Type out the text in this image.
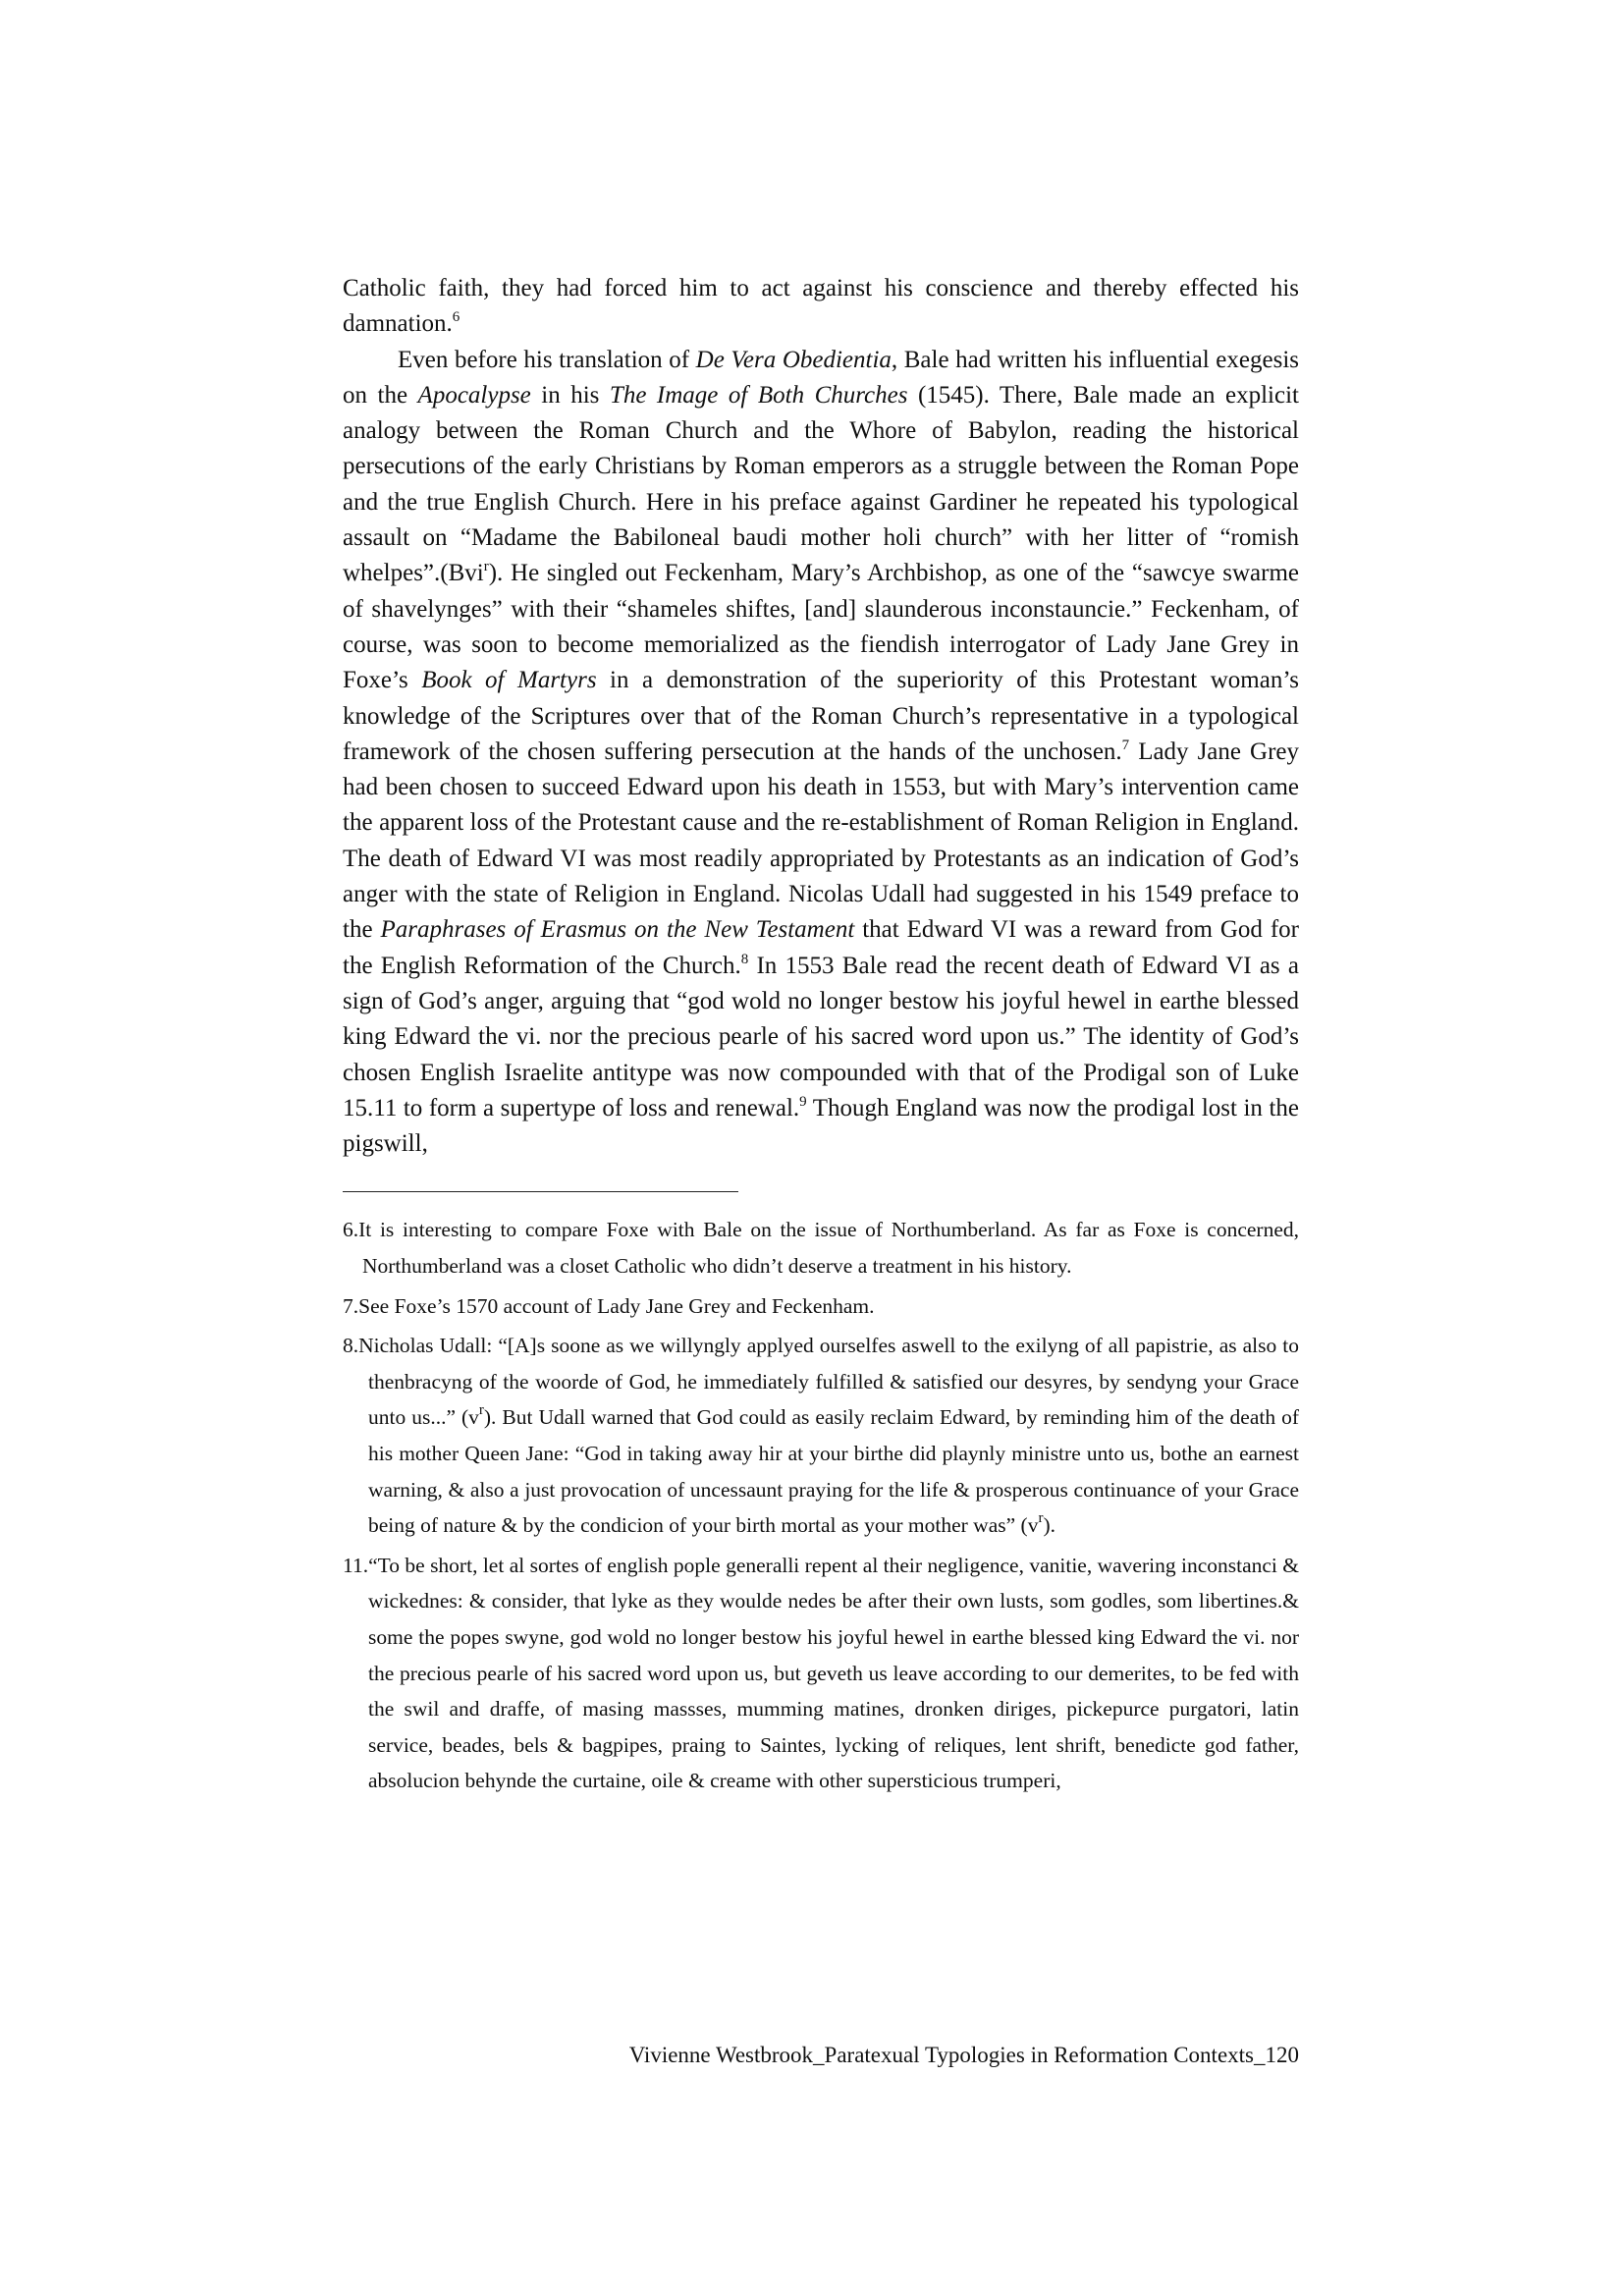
Catholic faith, they had forced him to act against his conscience and thereby effected his damnation.$^6$

Even before his translation of De Vera Obedientia, Bale had written his influential exegesis on the Apocalypse in his The Image of Both Churches (1545). There, Bale made an explicit analogy between the Roman Church and the Whore of Babylon, reading the historical persecutions of the early Christians by Roman emperors as a struggle between the Roman Pope and the true English Church. Here in his preface against Gardiner he repeated his typological assault on “Madame the Babiloneal baudi mother holi church” with her litter of “romish whelpes”.(Bvi$^r$). He singled out Feckenham, Mary’s Archbishop, as one of the “sawcye swarme of shavelynges” with their “shameles shiftes, [and] slaunderous inconstauncie.” Feckenham, of course, was soon to become memorialized as the fiendish interrogator of Lady Jane Grey in Foxe’s Book of Martyrs in a demonstration of the superiority of this Protestant woman’s knowledge of the Scriptures over that of the Roman Church’s representative in a typological framework of the chosen suffering persecution at the hands of the unchosen.$^7$ Lady Jane Grey had been chosen to succeed Edward upon his death in 1553, but with Mary’s intervention came the apparent loss of the Protestant cause and the re-establishment of Roman Religion in England. The death of Edward VI was most readily appropriated by Protestants as an indication of God’s anger with the state of Religion in England. Nicolas Udall had suggested in his 1549 preface to the Paraphrases of Erasmus on the New Testament that Edward VI was a reward from God for the English Reformation of the Church.$^8$ In 1553 Bale read the recent death of Edward VI as a sign of God’s anger, arguing that “god wold no longer bestow his joyful hewel in earthe blessed king Edward the vi. nor the precious pearle of his sacred word upon us.” The identity of God’s chosen English Israelite antitype was now compounded with that of the Prodigal son of Luke 15.11 to form a supertype of loss and renewal.$^9$ Though England was now the prodigal lost in the pigswill,

6.It is interesting to compare Foxe with Bale on the issue of Northumberland. As far as Foxe is concerned, Northumberland was a closet Catholic who didn’t deserve a treatment in his history.

7.See Foxe’s 1570 account of Lady Jane Grey and Feckenham.

8.Nicholas Udall: “[A]s soone as we willyngly applyed ourselfes aswell to the exilyng of all papistrie, as also to thenbracyng of the woorde of God, he immediately fulfilled & satisfied our desyres, by sendyng your Grace unto us...” $(v^r)$. But Udall warned that God could as easily reclaim Edward, by reminding him of the death of his mother Queen Jane: “God in taking away hir at your birthe did playnly ministre unto us, bothe an earnest warning, & also a just provocation of uncessaunt praying for the life & prosperous continuance of your Grace being of nature & by the condicion of your birth mortal as your mother was” $(v^r)$.

11.“To be short, let al sortes of english pople generalli repent al their negligence, vanitie, wavering inconstanci & wickednes: & consider, that lyke as they woulde nedes be after their own lusts, som godles, som libertines.& some the popes swyne, god wold no longer bestow his joyful hewel in earthe blessed king Edward the vi. nor the precious pearle of his sacred word upon us, but geveth us leave according to our demerites, to be fed with the swil and draffe, of masing massses, mumming matines, dronken diriges, pickepurce purgatori, latin service, beades, bels & bagpipes, praing to Saintes, lycking of reliques, lent shrift, benedicte god father, absolucion behynde the curtaine, oile & creame with other supersticious trumperi,

Vivienne Westbrook_Paratexual Typologies in Reformation Contexts_120
